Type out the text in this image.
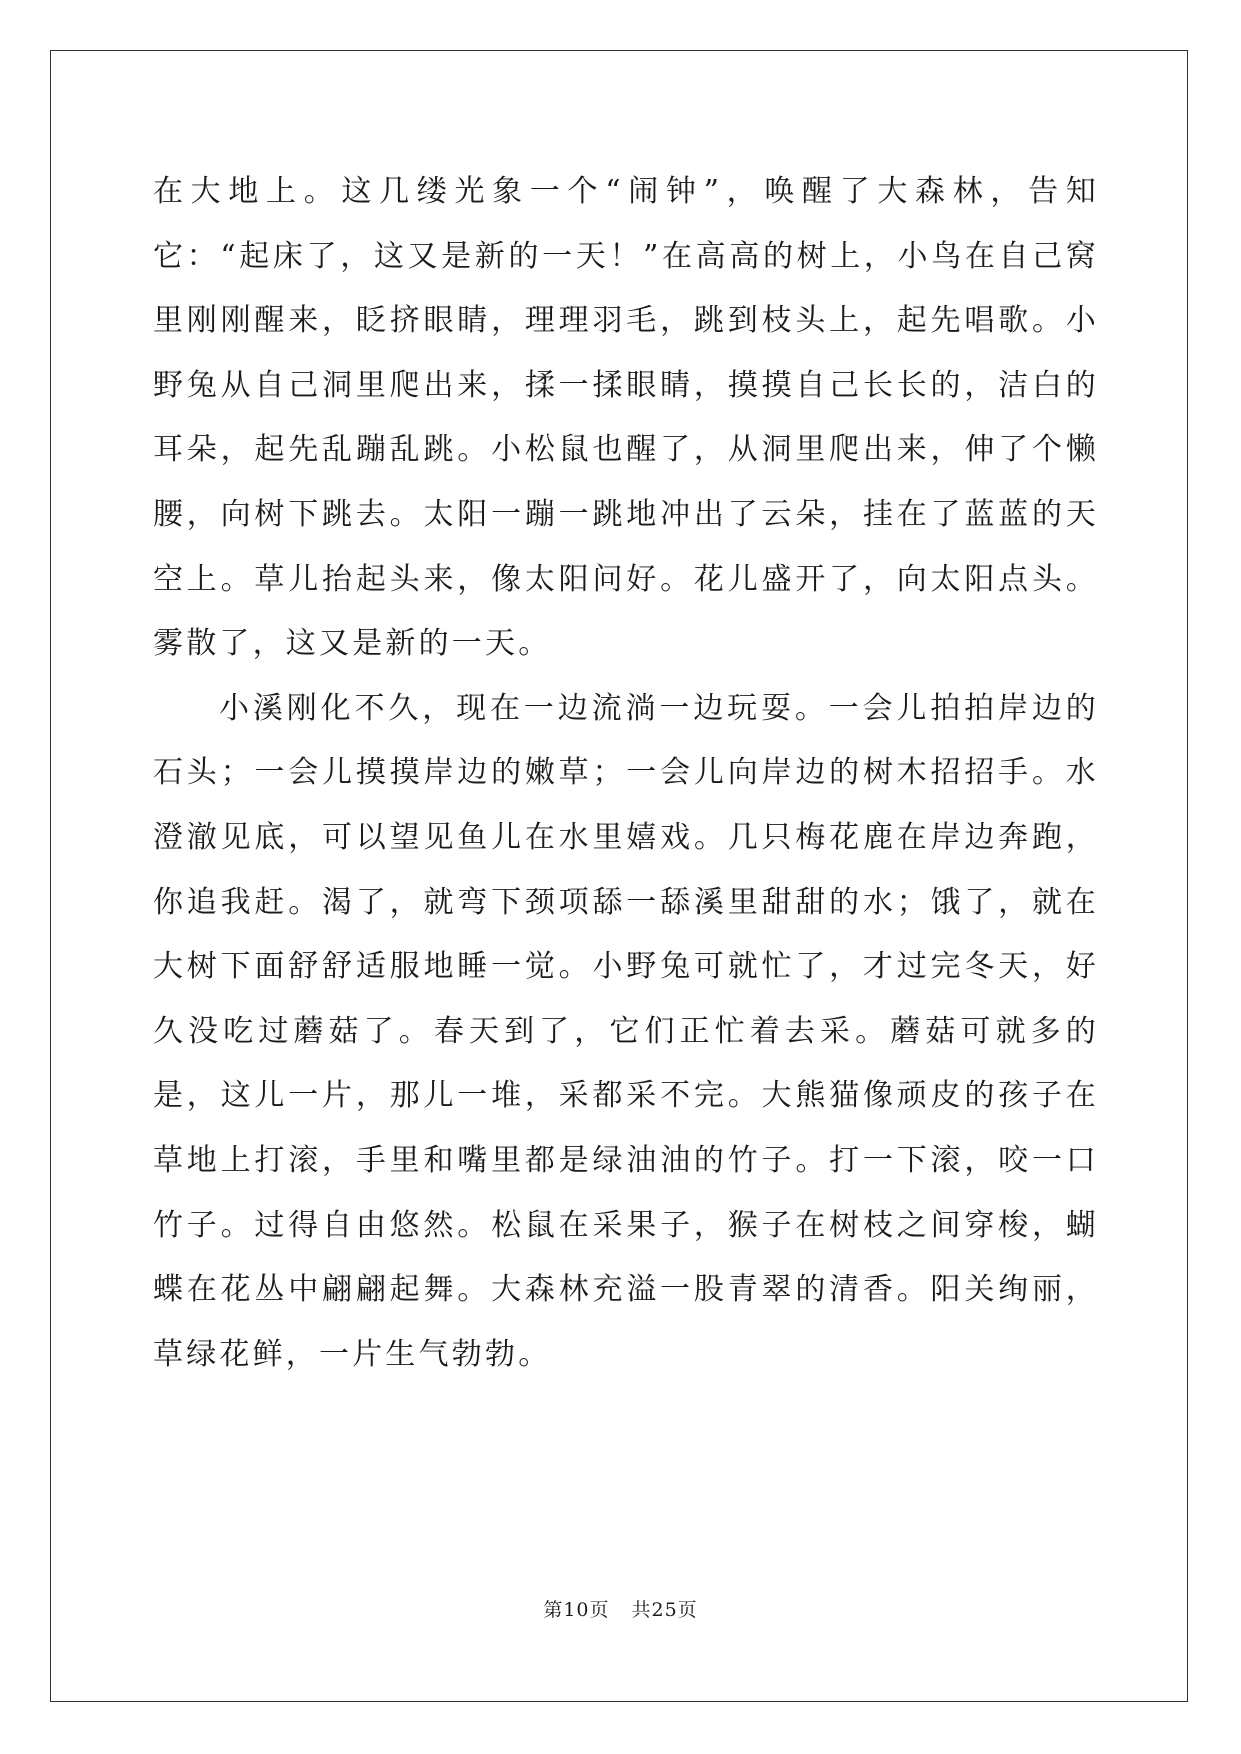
在大地上。这几缕光象一个“闹钟”，唤醒了大森林，告知它：“起床了，这又是新的一天！”在高高的树上，小鸟在自己窝里刚刚醒来，眨挤眼睛，理理羽毛，跳到枝头上，起先唱歌。小野兔从自己洞里爬出来，揉一揉眼睛，摸摸自己长长的，洁白的耳朵，起先乱蹦乱跳。小松鼠也醒了，从洞里爬出来，伸了个懒腰，向树下跳去。太阳一蹦一跳地冲出了云朵，挂在了蓝蓝的天空上。草儿抬起头来，像太阳问好。花儿盛开了，向太阳点头。雾散了，这又是新的一天。

小溪刚化不久，现在一边流淌一边玩耍。一会儿拍拍岸边的石头；一会儿摸摸岸边的嫩草；一会儿向岸边的树木招招手。水澄澈见底，可以望见鱼儿在水里嬉戏。几只梅花鹿在岸边奔跑，你追我赶。渴了，就弯下颈项舔一舔溪里甜甜的水；饿了，就在大树下面舒舒适服地睡一觉。小野兔可就忙了，才过完冬天，好久没吃过蘑菇了。春天到了，它们正忙着去采。蘑菇可就多的是，这儿一片，那儿一堆，采都采不完。大熊猫像顽皮的孩子在草地上打滚，手里和嘴里都是绿油油的竹子。打一下滚，咬一口竹子。过得自由悠然。松鼠在采果子，猴子在树枝之间穿梭，蝴蝶在花丛中翩翩起舞。大森林充溢一股青翠的清香。阳关绚丽，草绿花鲜，一片生气勃勃。

第10页 共25页
